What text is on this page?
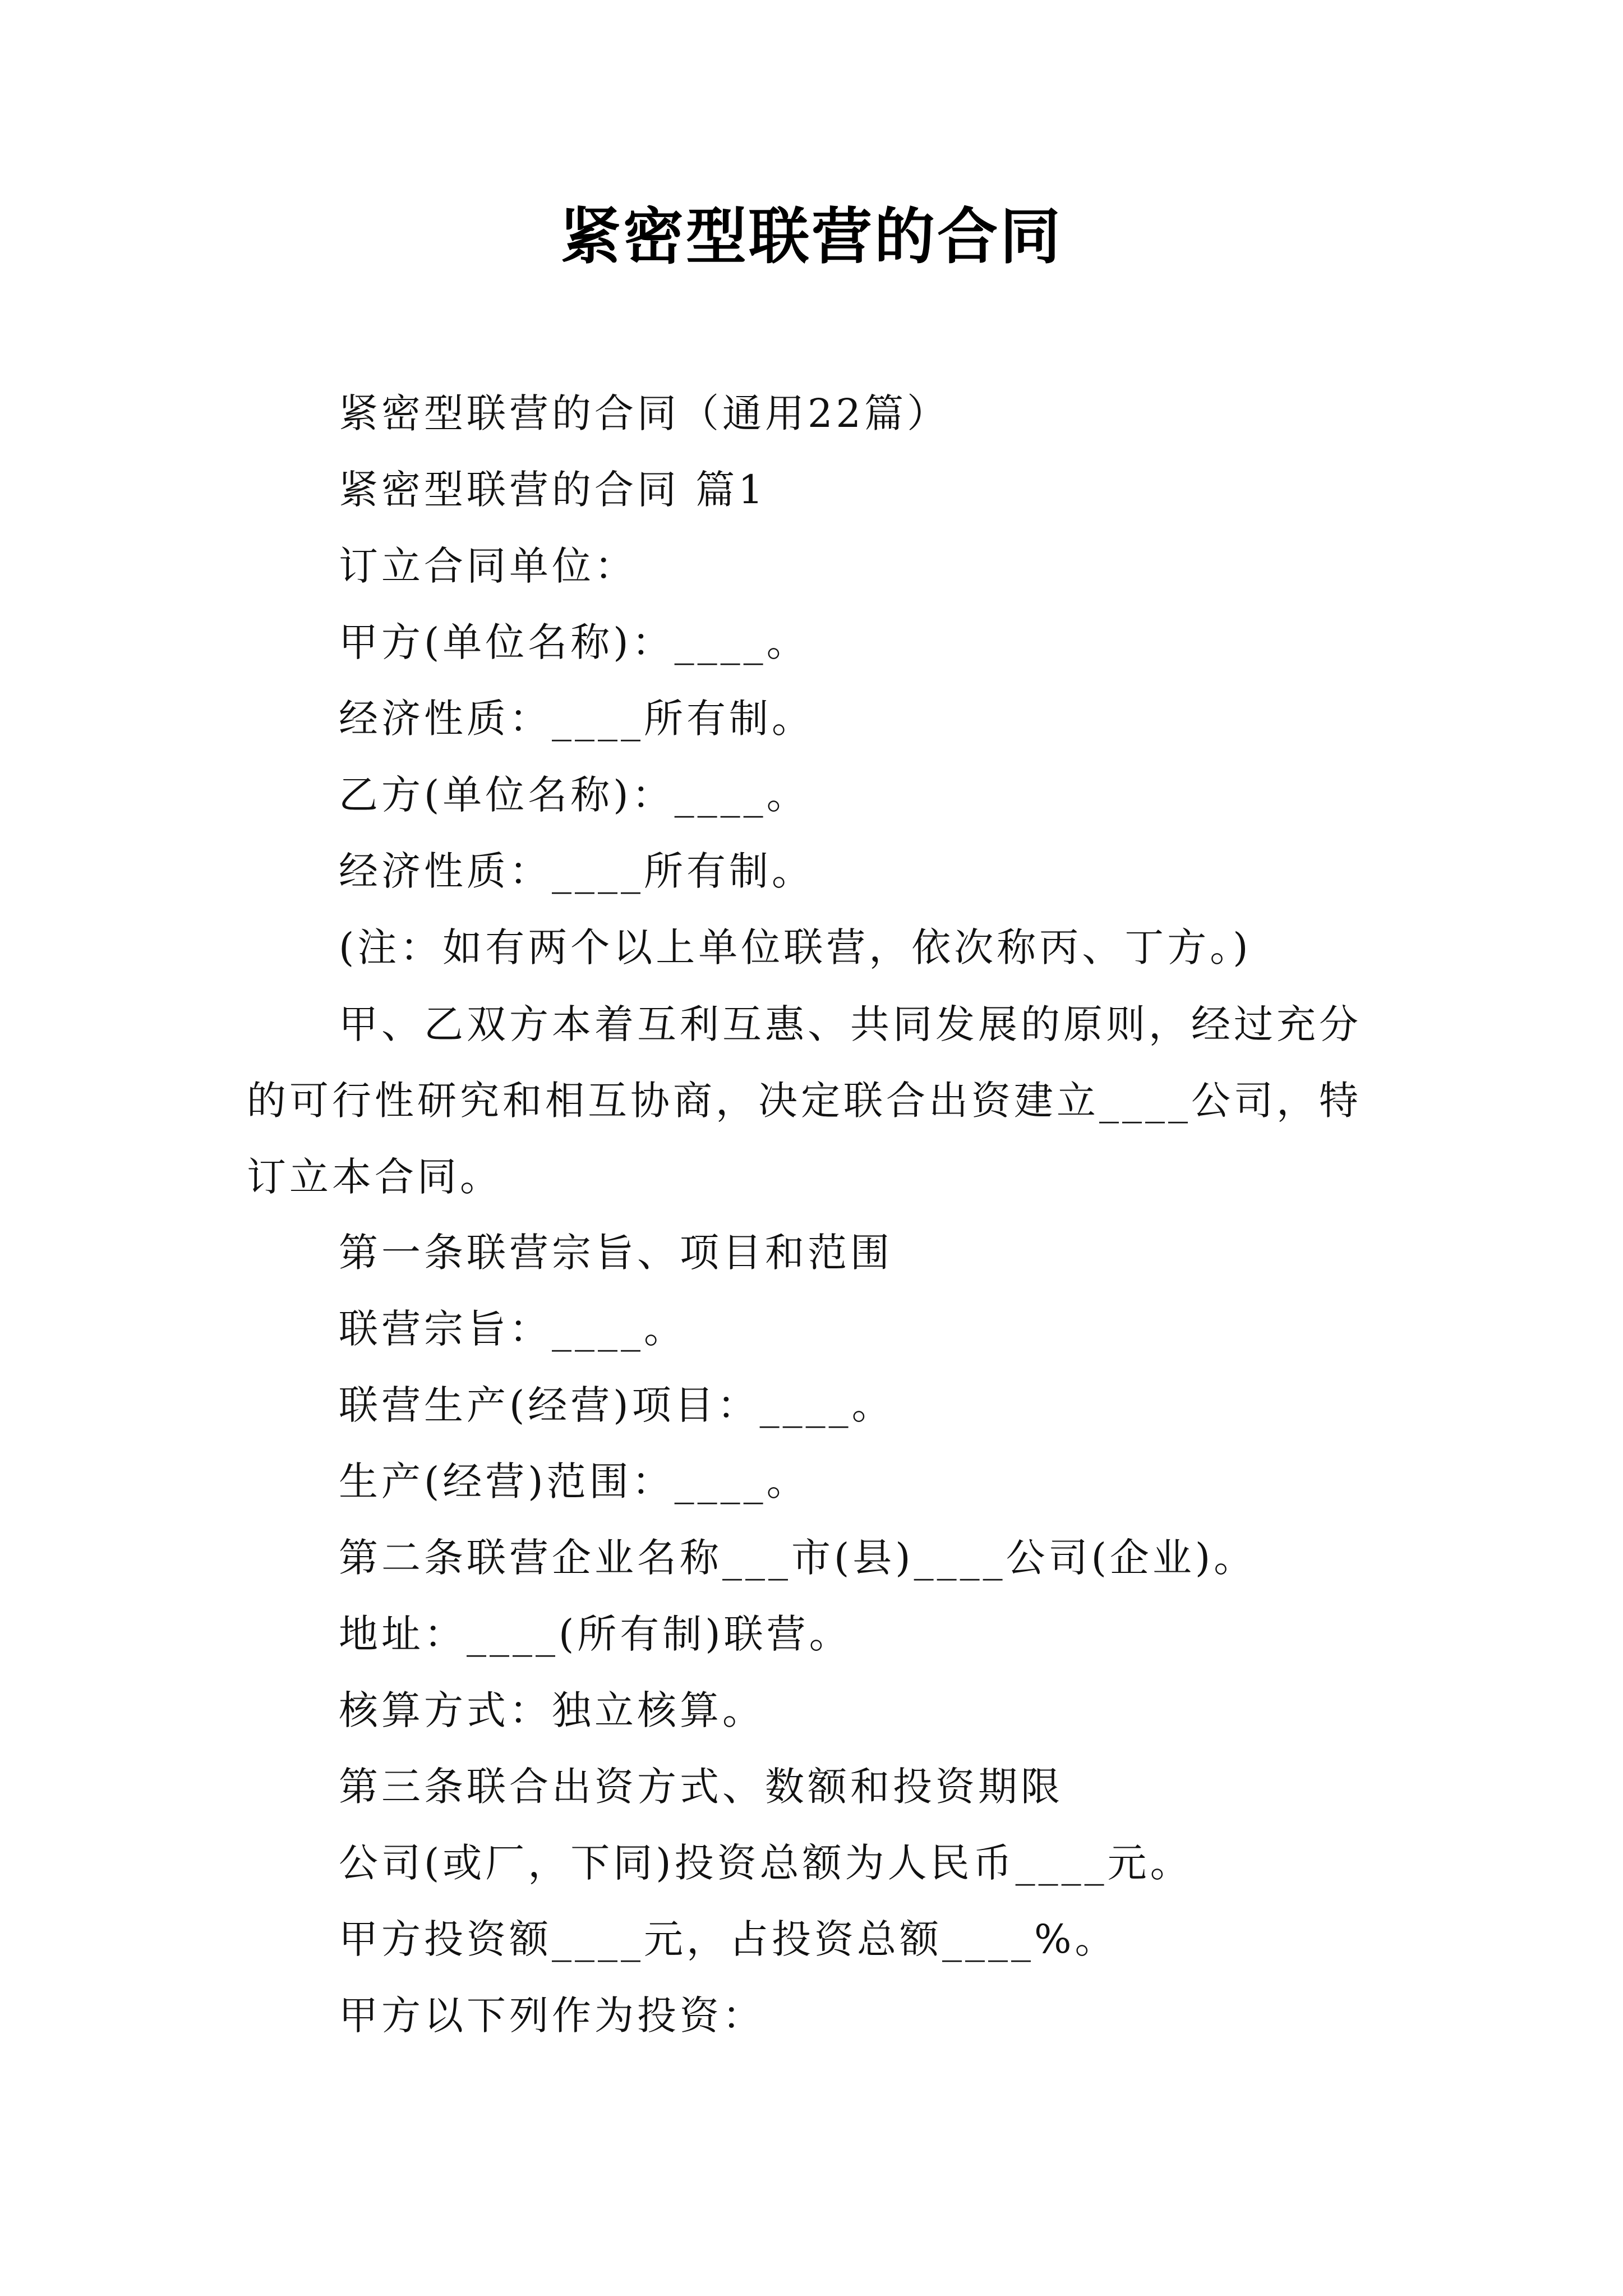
紧密型联营的合同
紧密型联营的合同（通用22篇）
紧密型联营的合同 篇1
订立合同单位：
甲方(单位名称)：____。
经济性质：____所有制。
乙方(单位名称)：____。
经济性质：____所有制。
(注：如有两个以上单位联营，依次称丙、丁方。)
甲、乙双方本着互利互惠、共同发展的原则，经过充分的可行性研究和相互协商，决定联合出资建立____公司，特订立本合同。
第一条联营宗旨、项目和范围
联营宗旨：____。
联营生产(经营)项目：____。
生产(经营)范围：____。
第二条联营企业名称___市(县)____公司(企业)。
地址：____(所有制)联营。
核算方式：独立核算。
第三条联合出资方式、数额和投资期限
公司(或厂，下同)投资总额为人民币____元。
甲方投资额____元，占投资总额____%。
甲方以下列作为投资：
